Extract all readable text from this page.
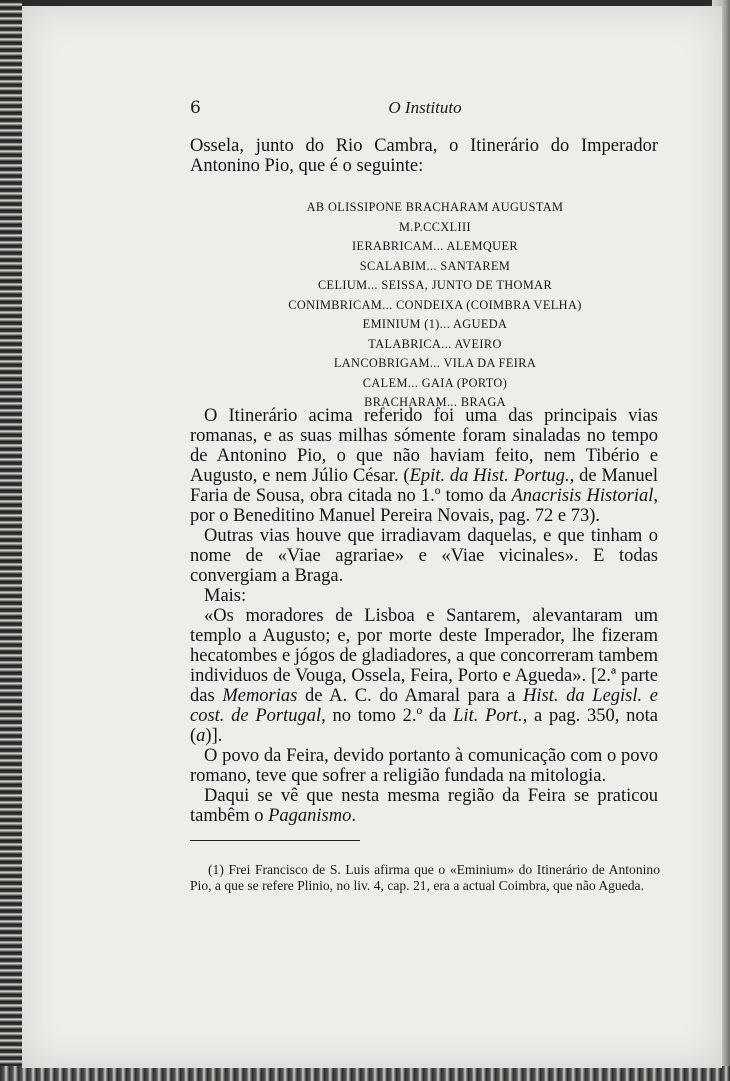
6	O Instituto
Ossela, junto do Rio Cambra, o Itinerário do Imperador Antonino Pio, que é o seguinte:
AB OLISSIPONE BRACHARAM AUGUSTAM
M.P.CCXLIII
IERABRICAM... ALEMQUER
SCALABIM... SANTAREM
CELIUM... SEISSA, JUNTO DE THOMAR
CONIMBRICAM... CONDEIXA (COIMBRA VELHA)
EMINIUM (1)... AGUEDA
TALABRICA... AVEIRO
LANCOBRIGAM... VILA DA FEIRA
CALEM... GAIA (PORTO)
BRACHARAM... BRAGA

O Itinerário acima referido foi uma das principais vias romanas, e as suas milhas sómente foram sinaladas no tempo de Antonino Pio, o que não haviam feito, nem Tibério e Augusto, e nem Júlio César. (Epit. da Hist. Portug., de Manuel Faria de Sousa, obra citada no 1.º tomo da Anacrisis Historial, por o Beneditino Manuel Pereira Novais, pag. 72 e 73).

Outras vias houve que irradiavam daquelas, e que tinham o nome de «Viae agrariae» e «Viae vicinales». E todas convergiam a Braga.

Mais:

«Os moradores de Lisboa e Santarem, alevantaram um templo a Augusto; e, por morte deste Imperador, lhe fizeram hecatombes e jógos de gladiadores, a que concorreram tambem individuos de Vouga, Ossela, Feira, Porto e Agueda». [2.ª parte das Memorias de A. C. do Amaral para a Hist. da Legisl. e cost. de Portugal, no tomo 2.º da Lit. Port., a pag. 350, nota (a)].

O povo da Feira, devido portanto à comunicação com o povo romano, teve que sofrer a religião fundada na mitologia.

Daqui se vê que nesta mesma região da Feira se praticou tambêm o Paganismo.

(1) Frei Francisco de S. Luis afirma que o «Eminium» do Itinerário de Antonino Pio, a que se refere Plinio, no liv. 4, cap. 21, era a actual Coimbra, que não Agueda.
